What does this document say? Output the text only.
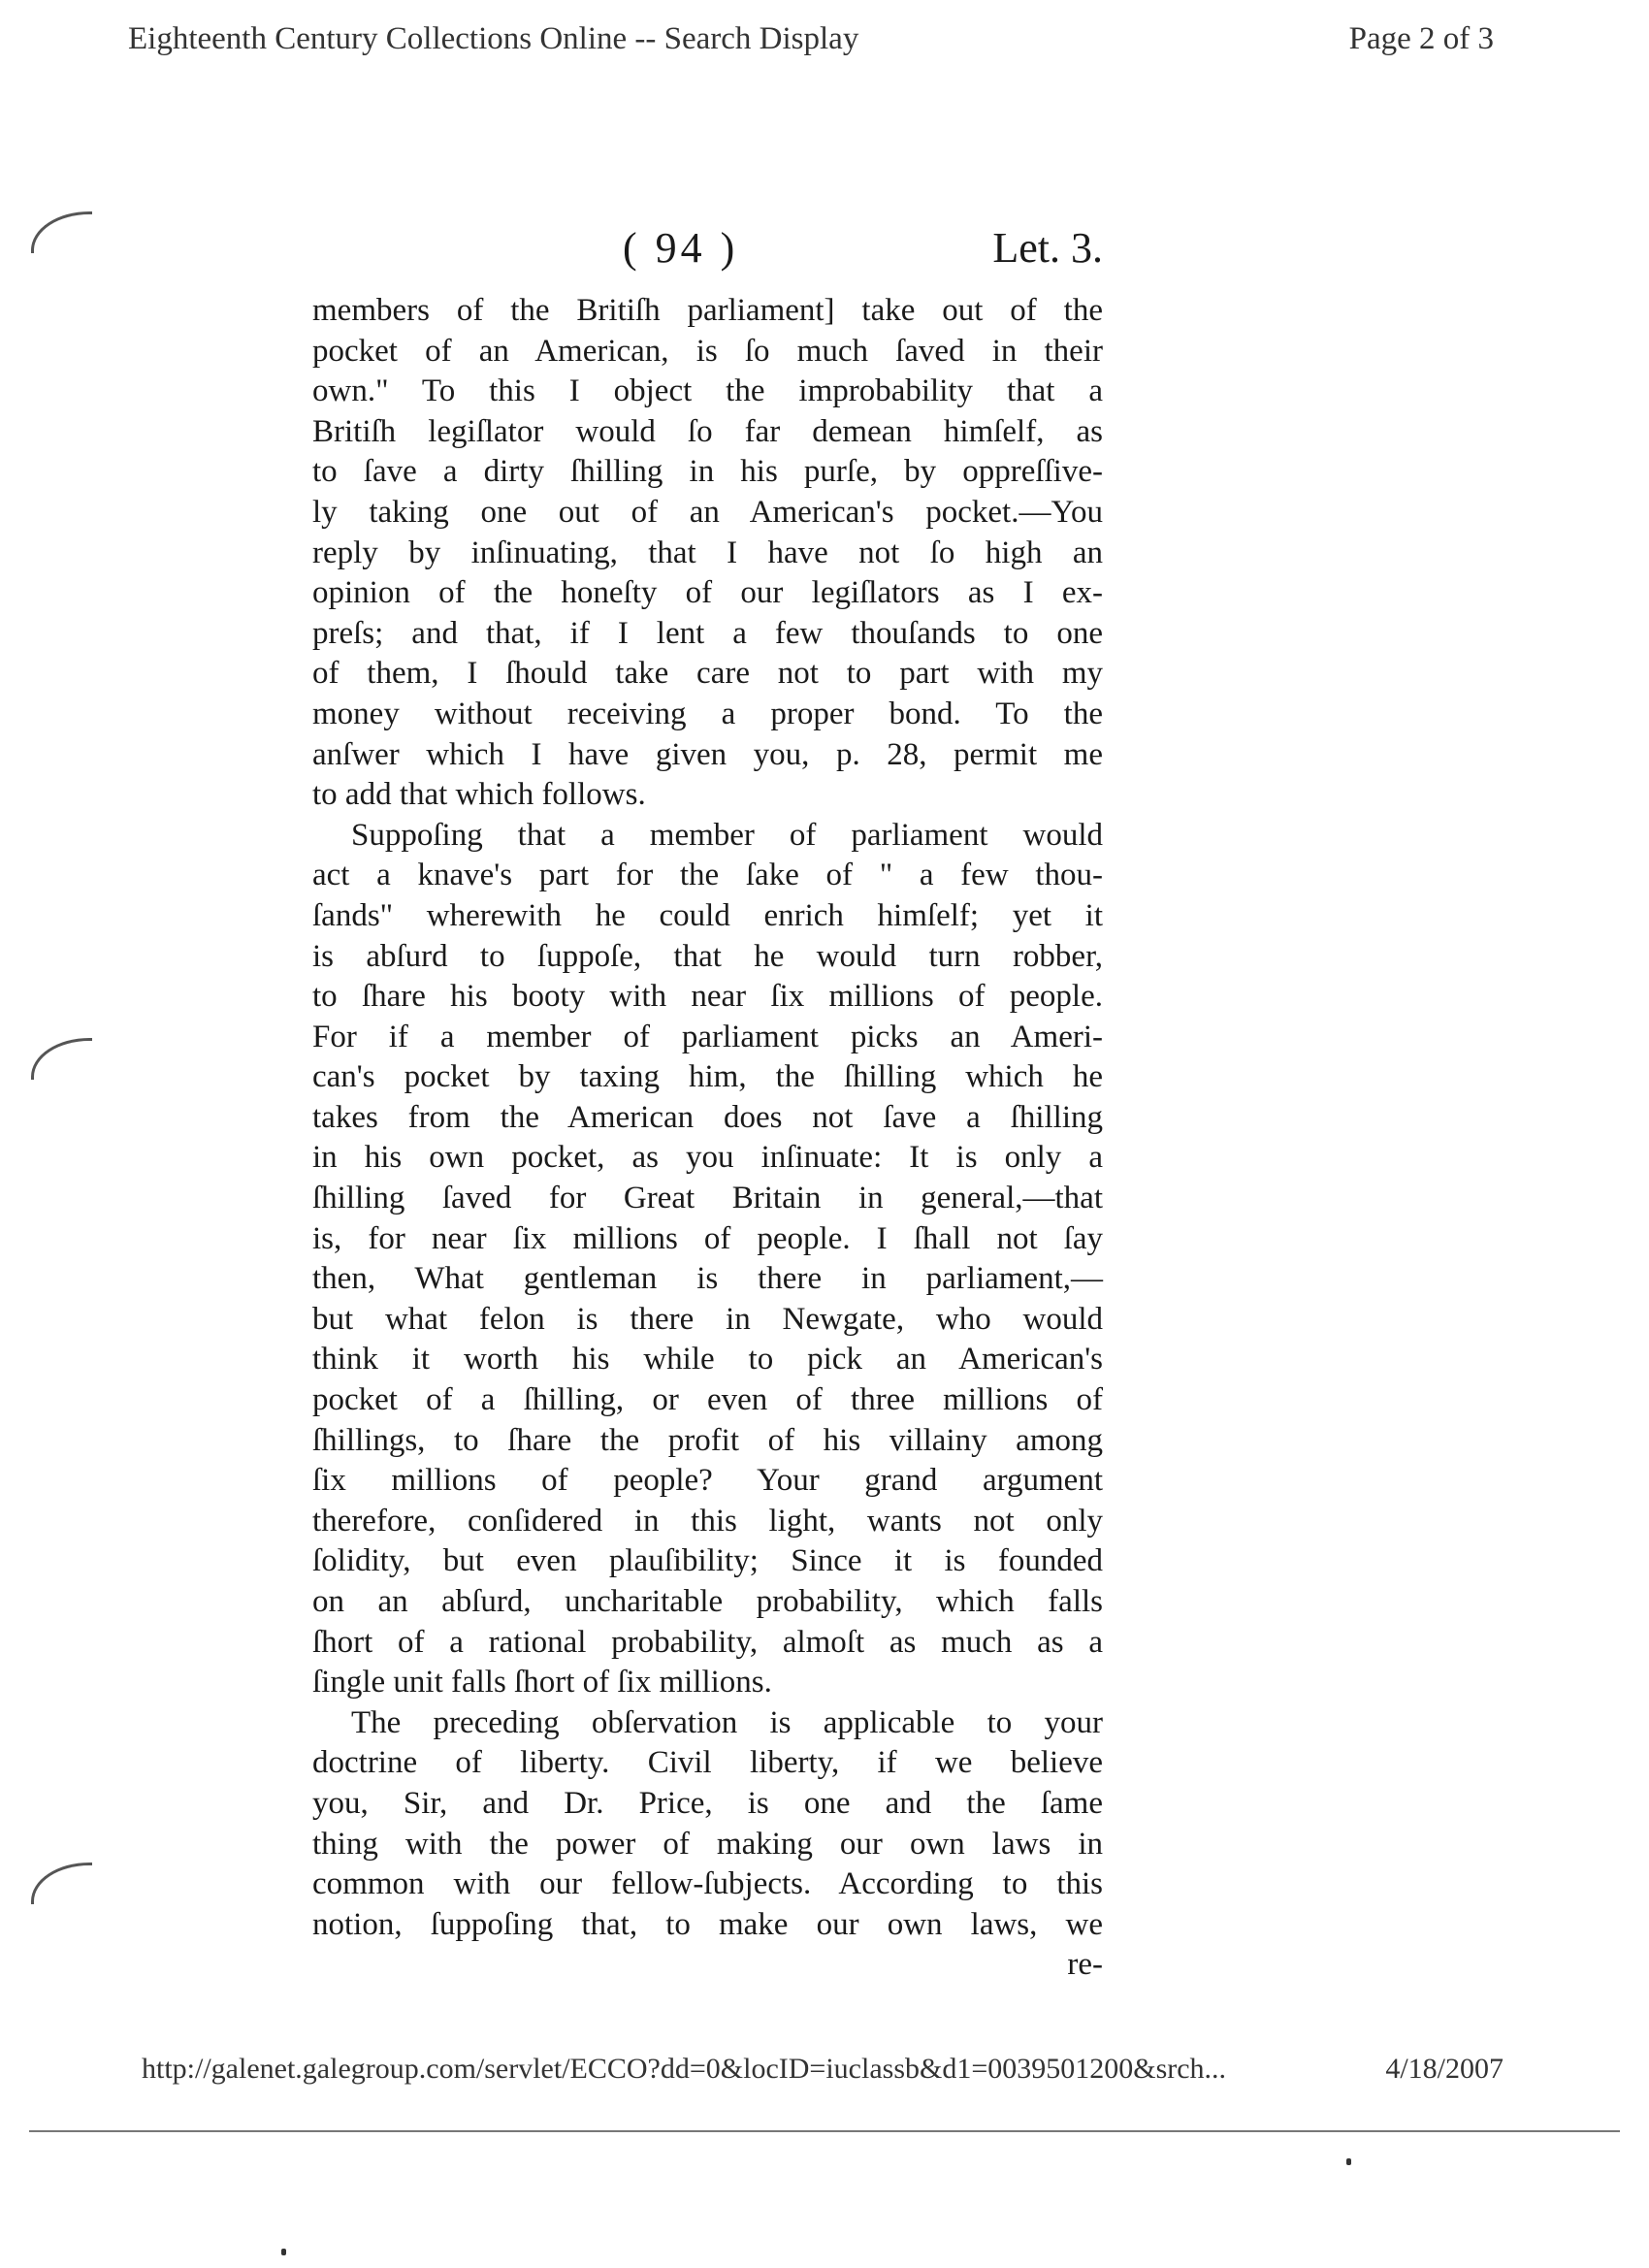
Eighteenth Century Collections Online -- Search Display	Page 2 of 3
( 94 )	Let. 3.
members of the Britiſh parliament] take out of the
pocket of an American, is ſo much ſaved in their
own." To this I object the improbability that a
Britiſh legiſlator would ſo far demean himſelf, as
to ſave a dirty ſhilling in his purſe, by oppreſſive-
ly taking one out of an American's pocket.—You
reply by inſinuating, that I have not ſo high an
opinion of the honeſty of our legiſlators as I ex-
preſs; and that, if I lent a few thouſands to one
of them, I ſhould take care not to part with my
money without receiving a proper bond. To the
anſwer which I have given you, p. 28, permit me
to add that which follows.
Suppoſing that a member of parliament would
act a knave's part for the ſake of " a few thou-
ſands" wherewith he could enrich himſelf; yet it
is abſurd to ſuppoſe, that he would turn robber,
to ſhare his booty with near ſix millions of people.
For if a member of parliament picks an Ameri-
can's pocket by taxing him, the ſhilling which he
takes from the American does not ſave a ſhilling
in his own pocket, as you inſinuate: It is only a
ſhilling ſaved for Great Britain in general,—that
is, for near ſix millions of people. I ſhall not ſay
then, What gentleman is there in parliament,—
but what felon is there in Newgate, who would
think it worth his while to pick an American's
pocket of a ſhilling, or even of three millions of
ſhillings, to ſhare the profit of his villainy among
ſix millions of people? Your grand argument
therefore, conſidered in this light, wants not only
ſolidity, but even plauſibility; Since it is founded
on an abſurd, uncharitable probability, which falls
ſhort of a rational probability, almoſt as much as a
ſingle unit falls ſhort of ſix millions.
The preceding obſervation is applicable to your
doctrine of liberty. Civil liberty, if we believe
you, Sir, and Dr. Price, is one and the ſame
thing with the power of making our own laws in
common with our fellow-ſubjects. According to this
notion, ſuppoſing that, to make our own laws, we
re-
http://galenet.galegroup.com/servlet/ECCO?dd=0&locID=iuclassb&d1=0039501200&srch...	4/18/2007
